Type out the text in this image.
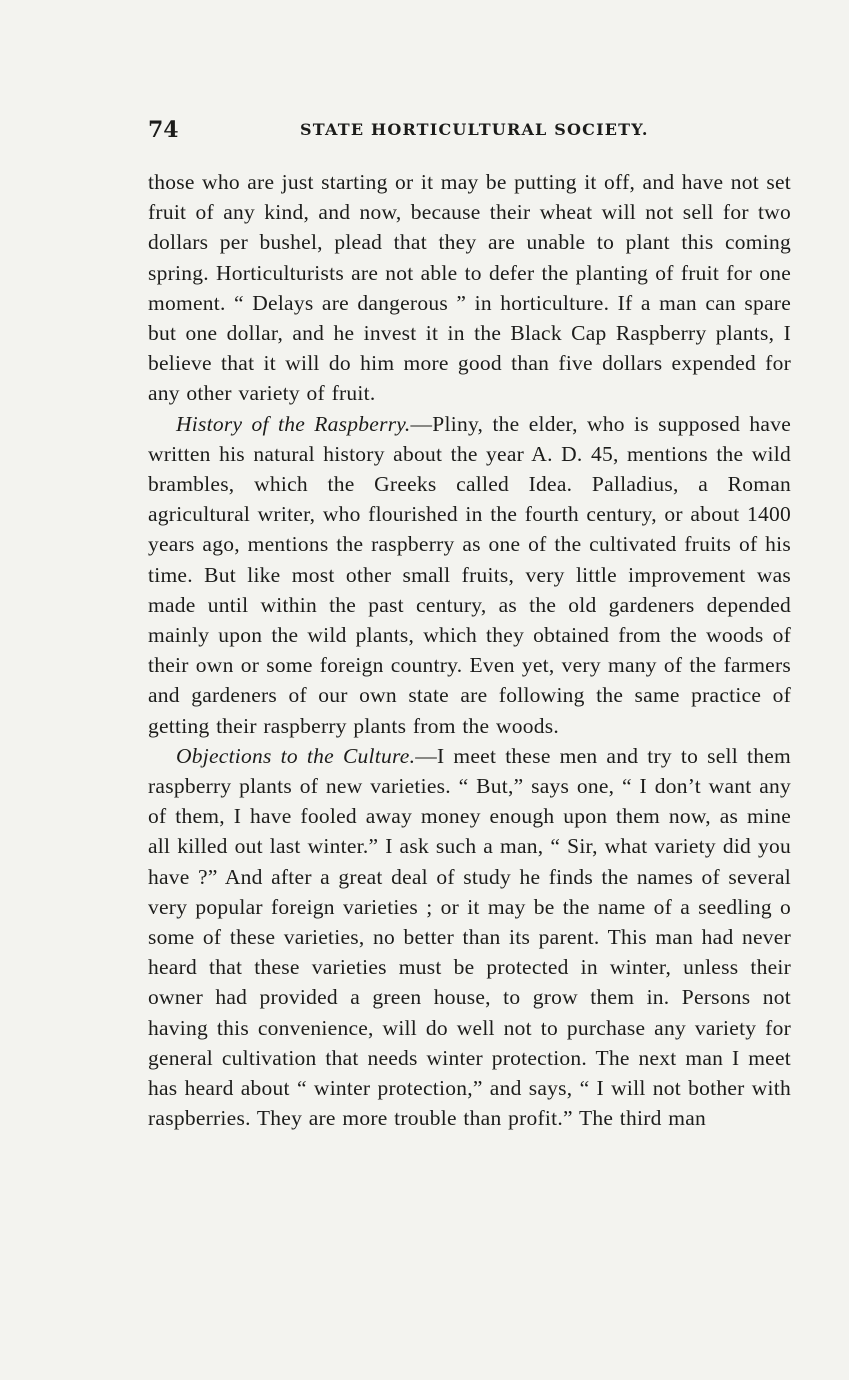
74	STATE HORTICULTURAL SOCIETY.

those who are just starting or it may be putting it off, and have not set fruit of any kind, and now, because their wheat will not sell for two dollars per bushel, plead that they are unable to plant this coming spring. Horticulturists are not able to defer the planting of fruit for one moment. “ Delays are dangerous ” in horticulture. If a man can spare but one dollar, and he invest it in the Black Cap Raspberry plants, I believe that it will do him more good than five dollars expended for any other variety of fruit.

History of the Raspberry.—Pliny, the elder, who is supposed have written his natural history about the year A. D. 45, mentions the wild brambles, which the Greeks called Idea. Palladius, a Roman agricultural writer, who flourished in the fourth century, or about 1400 years ago, mentions the raspberry as one of the cultivated fruits of his time. But like most other small fruits, very little improvement was made until within the past century, as the old gardeners depended mainly upon the wild plants, which they obtained from the woods of their own or some foreign country. Even yet, very many of the farmers and gardeners of our own state are following the same practice of getting their raspberry plants from the woods.

Objections to the Culture.—I meet these men and try to sell them raspberry plants of new varieties. “ But,” says one, “ I don’t want any of them, I have fooled away money enough upon them now, as mine all killed out last winter.” I ask such a man, “ Sir, what variety did you have ?” And after a great deal of study he finds the names of several very popular foreign varieties ; or it may be the name of a seedling o some of these varieties, no better than its parent. This man had never heard that these varieties must be protected in winter, unless their owner had provided a green house, to grow them in. Persons not having this convenience, will do well not to purchase any variety for general cultivation that needs winter protection. The next man I meet has heard about “ winter protection,” and says, “ I will not bother with raspberries. They are more trouble than profit.” The third man
